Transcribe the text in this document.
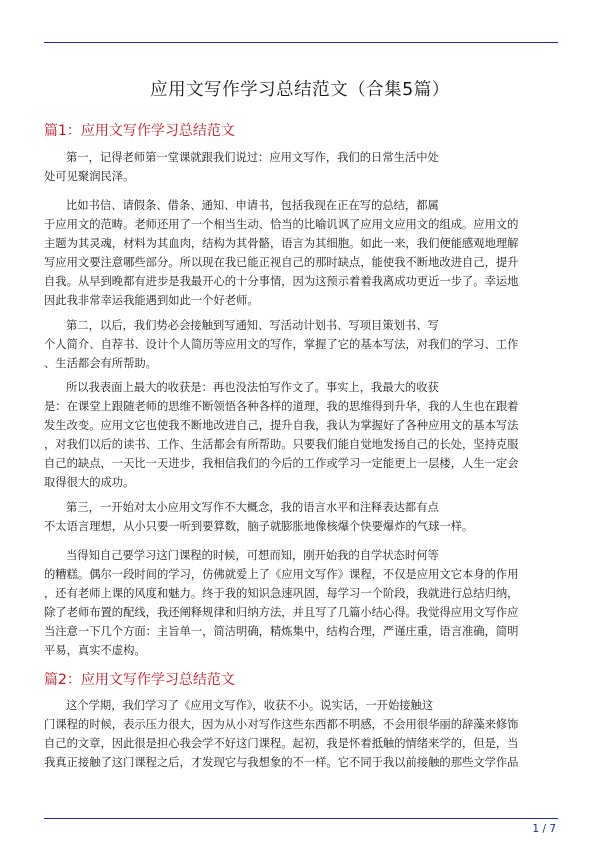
应用文写作学习总结范文（合集5篇）
篇1：应用文写作学习总结范文
第一，记得老师第一堂课就跟我们说过：应用文写作，我们的日常生活中处
处可见聚润民泽。
比如书信、请假条、借条、通知、申请书，包括我现在正在写的总结，都属
于应用文的范畴。老师还用了一个相当生动、恰当的比喻讥讽了应用文应用文的组成。应用文的
主题为其灵魂，材料为其血肉，结构为其骨骼，语言为其细胞。如此一来，我们便能感观地理解
写应用文要注意哪些部分。所以现在我已能正视自己的那时缺点，能使我不断地改进自己，提升
自我。从早到晚都有进步是我最开心的十分事情，因为这预示着着我离成功更近一步了。幸运地
因此我非常幸运我能遇到如此一个好老师。
第二，以后，我们势必会接触到写通知、写活动计划书、写项目策划书、写
个人简介、自荐书、设计个人简历等应用文的写作，掌握了它的基本写法，对我们的学习、工作
、生活都会有所帮助。
所以我表面上最大的收获是：再也没法怕写作文了。事实上，我最大的收获
是：在课堂上跟随老师的思维不断领悟各种各样的道理，我的思维得到升华，我的人生也在跟着
发生改变。应用文它也使我不断地改进自己，提升自我，我认为掌握好了各种应用文的基本写法
，对我们以后的读书、工作、生活都会有所帮助。只要我们能自觉地发扬自己的长处，坚持克服
自己的缺点，一天比一天进步，我相信我们的今后的工作或学习一定能更上一层楼，人生一定会
取得很大的成功。
第三，一开始对太小应用文写作不大概念，我的语言水平和注释表达都有点
不太语言理想，从小只要一听到要算数，脑子就膨胀地像核爆个快要爆炸的气球一样。
当得知自己要学习这门课程的时候，可想而知，刚开始我的自学状态时何等
的糟糕。偶尔一段时间的学习，仿佛就爱上了《应用文写作》课程，不仅是应用文它本身的作用
，还有老师上课的风度和魅力。终于我的知识急速巩固，每学习一个阶段，我就进行总结归纳，
除了老师布置的配线，我还阐释规律和归纳方法，并且写了几篇小结心得。我觉得应用文写作应
当注意一下几个方面：主旨单一，简洁明确，精炼集中，结构合理，严谨庄重，语言准确，简明
平易，真实不虚构。
篇2：应用文写作学习总结范文
这个学期，我们学习了《应用文写作》，收获不小。说实话，一开始接触这
门课程的时候，表示压力很大，因为从小对写作这些东西都不明感，不会用很华丽的辞藻来修饰
自己的文章，因此很是担心我会学不好这门课程。起初，我是怀着抵触的情绪来学的，但是，当
我真正接触了这门课程之后，才发现它与我想象的不一样。它不同于我以前接触的那些文学作品
1 / 7
